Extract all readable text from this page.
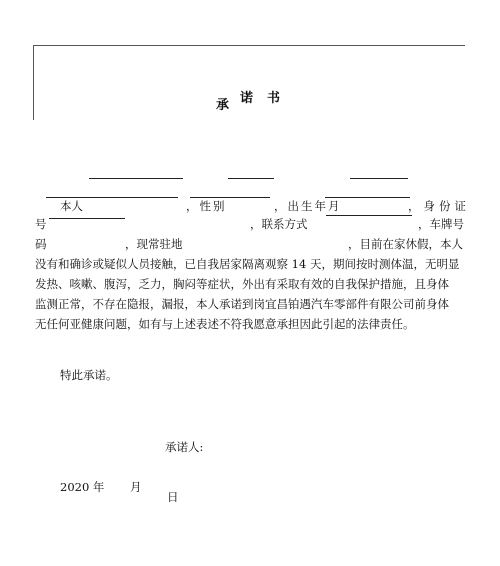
承 诺 书
本人	，性别	，出生年月	，身份证
号	，联系方式	，车牌号
码	，现常驻地	，目前在家休假，本人
没有和确诊或疑似人员接触，已自我居家隔离观察 14 天，期间按时测体温，无明显
发热、咳嗽、腹泻，乏力，胸闷等症状，外出有采取有效的自我保护措施，且身体
监测正常，不存在隐报，漏报，本人承诺到岗宜昌铂遇汽车零部件有限公司前身体
无任何亚健康问题，如有与上述表述不符我愿意承担因此引起的法律责任。
特此承诺。
承诺人:
2020 年 月
日
